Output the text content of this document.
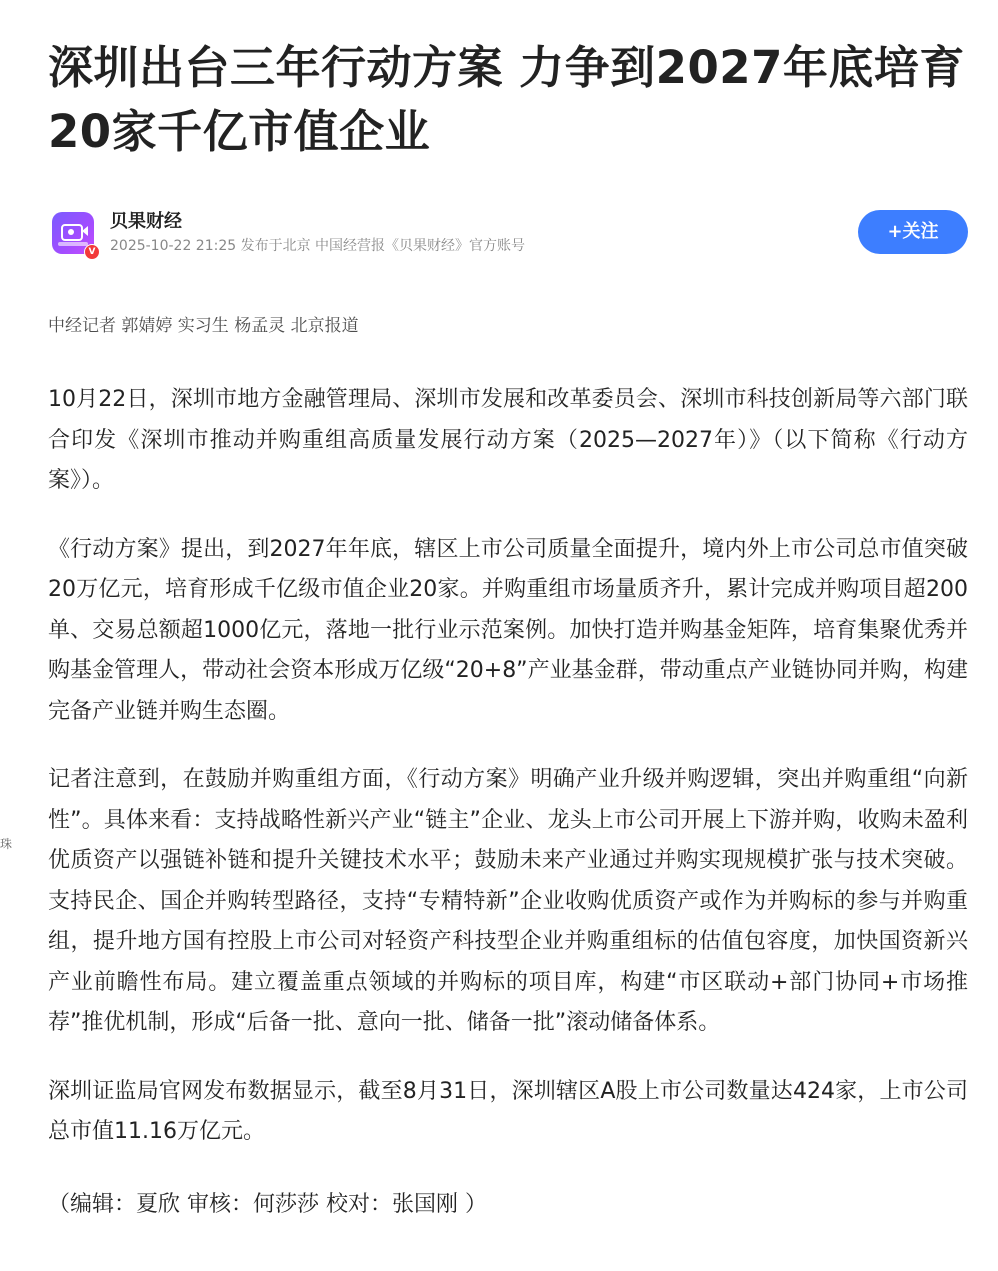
珠
深圳出台三年行动方案 力争到2027年底培育20家千亿市值企业
V
贝果财经
2025-10-22 21:25 发布于北京 中国经营报《贝果财经》官方账号
+关注

中经记者 郭婧婷 实习生 杨孟灵 北京报道

10月22日，深圳市地方金融管理局、深圳市发展和改革委员会、深圳市科技创新局等六部门联合印发《深圳市推动并购重组高质量发展行动方案（2025—2027年）》（以下简称《行动方案》）。

《行动方案》提出，到2027年年底，辖区上市公司质量全面提升，境内外上市公司总市值突破20万亿元，培育形成千亿级市值企业20家。并购重组市场量质齐升，累计完成并购项目超200单、交易总额超1000亿元，落地一批行业示范案例。加快打造并购基金矩阵，培育集聚优秀并购基金管理人，带动社会资本形成万亿级“20+8”产业基金群，带动重点产业链协同并购，构建完备产业链并购生态圈。

记者注意到，在鼓励并购重组方面，《行动方案》明确产业升级并购逻辑，突出并购重组“向新性”。具体来看：支持战略性新兴产业“链主”企业、龙头上市公司开展上下游并购，收购未盈利优质资产以强链补链和提升关键技术水平；鼓励未来产业通过并购实现规模扩张与技术突破。支持民企、国企并购转型路径，支持“专精特新”企业收购优质资产或作为并购标的参与并购重组，提升地方国有控股上市公司对轻资产科技型企业并购重组标的估值包容度，加快国资新兴产业前瞻性布局。建立覆盖重点领域的并购标的项目库，构建“市区联动+部门协同+市场推荐”推优机制，形成“后备一批、意向一批、储备一批”滚动储备体系。

深圳证监局官网发布数据显示，截至8月31日，深圳辖区A股上市公司数量达424家，上市公司总市值11.16万亿元。

（编辑：夏欣 审核：何莎莎 校对：张国刚 ）
